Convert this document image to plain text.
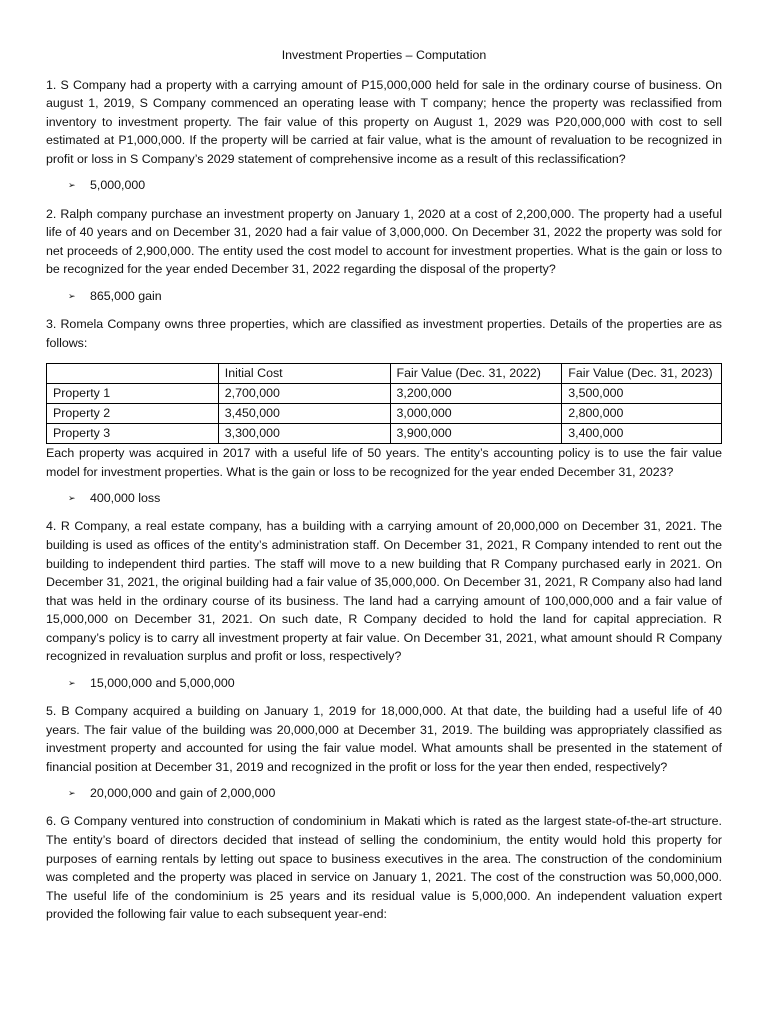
Investment Properties – Computation

1. S Company had a property with a carrying amount of P15,000,000 held for sale in the ordinary course of business. On august 1, 2019, S Company commenced an operating lease with T company; hence the property was reclassified from inventory to investment property. The fair value of this property on August 1, 2029 was P20,000,000 with cost to sell estimated at P1,000,000. If the property will be carried at fair value, what is the amount of revaluation to be recognized in profit or loss in S Company’s 2029 statement of comprehensive income as a result of this reclassification?

➢	5,000,000

2. Ralph company purchase an investment property on January 1, 2020 at a cost of 2,200,000. The property had a useful life of 40 years and on December 31, 2020 had a fair value of 3,000,000. On December 31, 2022 the property was sold for net proceeds of 2,900,000. The entity used the cost model to account for investment properties. What is the gain or loss to be recognized for the year ended December 31, 2022 regarding the disposal of the property?

➢	865,000 gain

3. Romela Company owns three properties, which are classified as investment properties. Details of the properties are as follows:

	Initial Cost	Fair Value (Dec. 31, 2022)	Fair Value (Dec. 31, 2023)
Property 1	2,700,000	3,200,000	3,500,000
Property 2	3,450,000	3,000,000	2,800,000
Property 3	3,300,000	3,900,000	3,400,000

Each property was acquired in 2017 with a useful life of 50 years. The entity’s accounting policy is to use the fair value model for investment properties. What is the gain or loss to be recognized for the year ended December 31, 2023?

➢	400,000 loss

4. R Company, a real estate company, has a building with a carrying amount of 20,000,000 on December 31, 2021. The building is used as offices of the entity’s administration staff. On December 31, 2021, R Company intended to rent out the building to independent third parties. The staff will move to a new building that R Company purchased early in 2021. On December 31, 2021, the original building had a fair value of 35,000,000. On December 31, 2021, R Company also had land that was held in the ordinary course of its business. The land had a carrying amount of 100,000,000 and a fair value of 15,000,000 on December 31, 2021. On such date, R Company decided to hold the land for capital appreciation. R company’s policy is to carry all investment property at fair value. On December 31, 2021, what amount should R Company recognized in revaluation surplus and profit or loss, respectively?

➢	15,000,000 and 5,000,000

5. B Company acquired a building on January 1, 2019 for 18,000,000. At that date, the building had a useful life of 40 years. The fair value of the building was 20,000,000 at December 31, 2019. The building was appropriately classified as investment property and accounted for using the fair value model. What amounts shall be presented in the statement of financial position at December 31, 2019 and recognized in the profit or loss for the year then ended, respectively?

➢	20,000,000 and gain of 2,000,000

6. G Company ventured into construction of condominium in Makati which is rated as the largest state-of-the-art structure. The entity’s board of directors decided that instead of selling the condominium, the entity would hold this property for purposes of earning rentals by letting out space to business executives in the area. The construction of the condominium was completed and the property was placed in service on January 1, 2021. The cost of the construction was 50,000,000. The useful life of the condominium is 25 years and its residual value is 5,000,000. An independent valuation expert provided the following fair value to each subsequent year-end:
